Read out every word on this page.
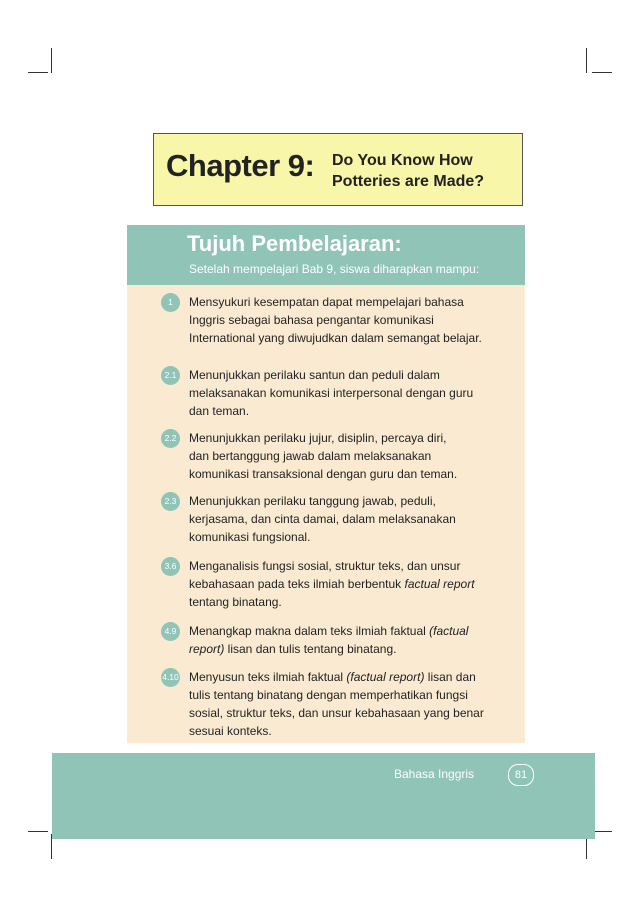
Chapter 9: Do You Know How
Potteries are Made?
Tujuh Pembelajaran:
Setelah mempelajari Bab 9, siswa diharapkan mampu:
1	Mensyukuri kesempatan dapat mempelajari bahasa
Inggris sebagai bahasa pengantar komunikasi
International yang diwujudkan dalam semangat belajar.
2.1 Menunjukkan perilaku santun dan peduli dalam
melaksanakan komunikasi interpersonal dengan guru
dan teman.
2.2 Menunjukkan perilaku jujur, disiplin, percaya diri,
dan bertanggung jawab dalam melaksanakan
komunikasi transaksional dengan guru dan teman.
2.3 Menunjukkan perilaku tanggung jawab, peduli,
kerjasama, dan cinta damai, dalam melaksanakan
komunikasi fungsional.
3.6 Menganalisis fungsi sosial, struktur teks, dan unsur
kebahasaan pada teks ilmiah berbentuk factual report
tentang binatang.
4.9 Menangkap makna dalam teks ilmiah faktual (factual
report) lisan dan tulis tentang binatang.
4.10 Menyusun teks ilmiah faktual (factual report) lisan dan
tulis tentang binatang dengan memperhatikan fungsi
sosial, struktur teks, dan unsur kebahasaan yang benar
sesuai konteks.
Bahasa Inggris	81
